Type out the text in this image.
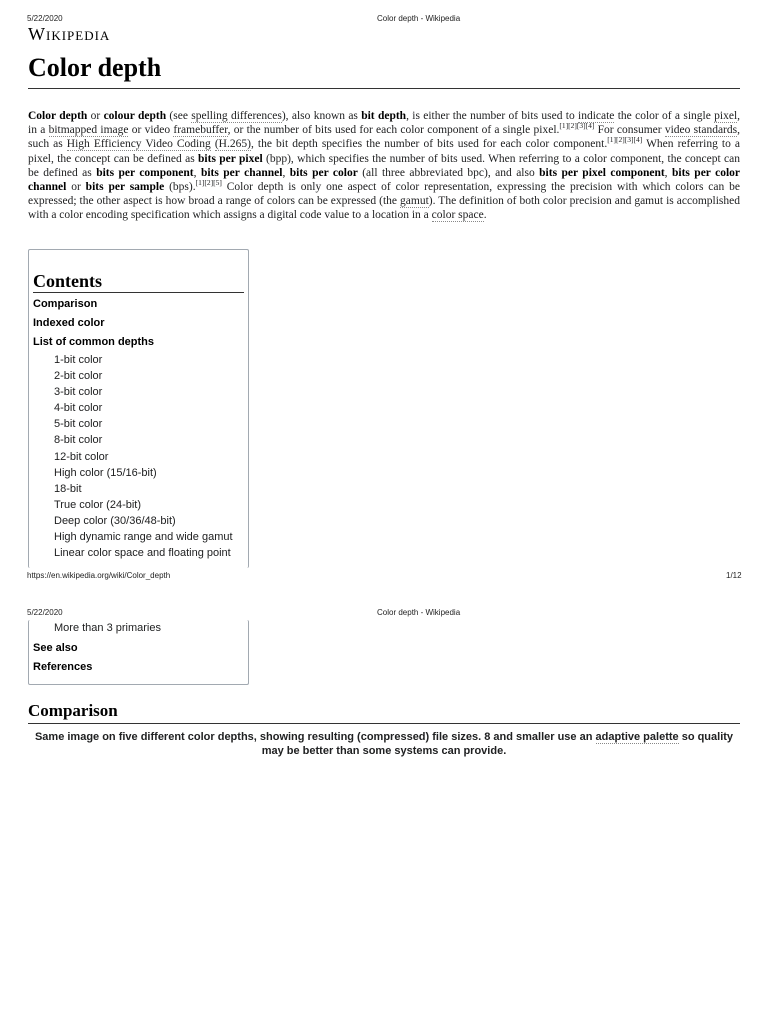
5/22/2020	Color depth - Wikipedia
Wikipedia
Color depth
Color depth or colour depth (see spelling differences), also known as bit depth, is either the number of bits used to indicate the color of a single pixel, in a bitmapped image or video framebuffer, or the number of bits used for each color component of a single pixel.[1][2][3][4] For consumer video standards, such as High Efficiency Video Coding (H.265), the bit depth specifies the number of bits used for each color component.[1][2][3][4] When referring to a pixel, the concept can be defined as bits per pixel (bpp), which specifies the number of bits used. When referring to a color component, the concept can be defined as bits per component, bits per channel, bits per color (all three abbreviated bpc), and also bits per pixel component, bits per color channel or bits per sample (bps).[1][2][5] Color depth is only one aspect of color representation, expressing the precision with which colors can be expressed; the other aspect is how broad a range of colors can be expressed (the gamut). The definition of both color precision and gamut is accomplished with a color encoding specification which assigns a digital code value to a location in a color space.
Contents
Comparison
Indexed color
List of common depths
1-bit color
2-bit color
3-bit color
4-bit color
5-bit color
8-bit color
12-bit color
High color (15/16-bit)
18-bit
True color (24-bit)
Deep color (30/36/48-bit)
High dynamic range and wide gamut
Linear color space and floating point
https://en.wikipedia.org/wiki/Color_depth	1/12
5/22/2020	Color depth - Wikipedia
More than 3 primaries
See also
References
Comparison
Same image on five different color depths, showing resulting (compressed) file sizes. 8 and smaller use an adaptive palette so quality may be better than some systems can provide.
